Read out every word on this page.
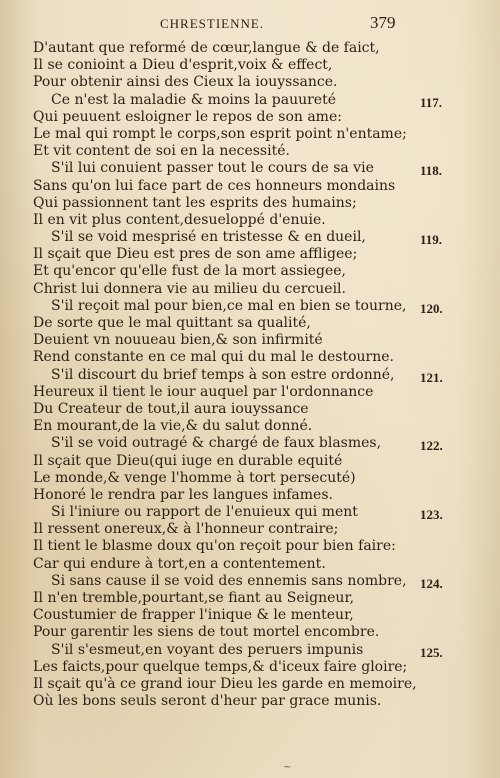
CHRESTIENNE.	379
D'autant que reformé de cœur,langue & de faict,
Il se conioint a Dieu d'esprit,voix & effect,
Pour obtenir ainsi des Cieux la iouyssance.
Ce n'est la maladie & moins la pauureté	117.
Qui peuuent esloigner le repos de son ame:
Le mal qui rompt le corps,son esprit point n'entame;
Et vit content de soi en la necessité.
S'il lui conuient passer tout le cours de sa vie	118.
Sans qu'on lui face part de ces honneurs mondains
Qui passionnent tant les esprits des humains;
Il en vit plus content,desueloppé d'enuie.
S'il se void mesprisé en tristesse & en dueil,	119.
Il sçait que Dieu est pres de son ame affligee;
Et qu'encor qu'elle fust de la mort assiegee,
Christ lui donnera vie au milieu du cercueil.
S'il reçoit mal pour bien,ce mal en bien se tourne, 120.
De sorte que le mal quittant sa qualité,
Deuient vn nouueau bien,& son infirmité
Rend constante en ce mal qui du mal le destourne.
S'il discourt du brief temps à son estre ordonné, 121.
Heureux il tient le iour auquel par l'ordonnance
Du Createur de tout,il aura iouyssance
En mourant,de la vie,& du salut donné.
S'il se void outragé & chargé de faux blasmes,	122.
Il sçait que Dieu(qui iuge en durable equité
Le monde,& venge l'homme à tort persecuté)
Honoré le rendra par les langues infames.
Si l'iniure ou rapport de l'enuieux qui ment	123.
Il ressent onereux,& à l'honneur contraire;
Il tient le blasme doux qu'on reçoit pour bien faire:
Car qui endure à tort,en a contentement.
Si sans cause il se void des ennemis sans nombre, 124.
Il n'en tremble,pourtant,se fiant au Seigneur,
Coustumier de frapper l'inique & le menteur,
Pour garentir les siens de tout mortel encombre.
S'il s'esmeut,en voyant des peruers impunis	125.
Les faicts,pour quelque temps,& d'iceux faire gloire;
Il sçait qu'à ce grand iour Dieu les garde en memoire,
Où les bons seuls seront d'heur par grace munis.
~
